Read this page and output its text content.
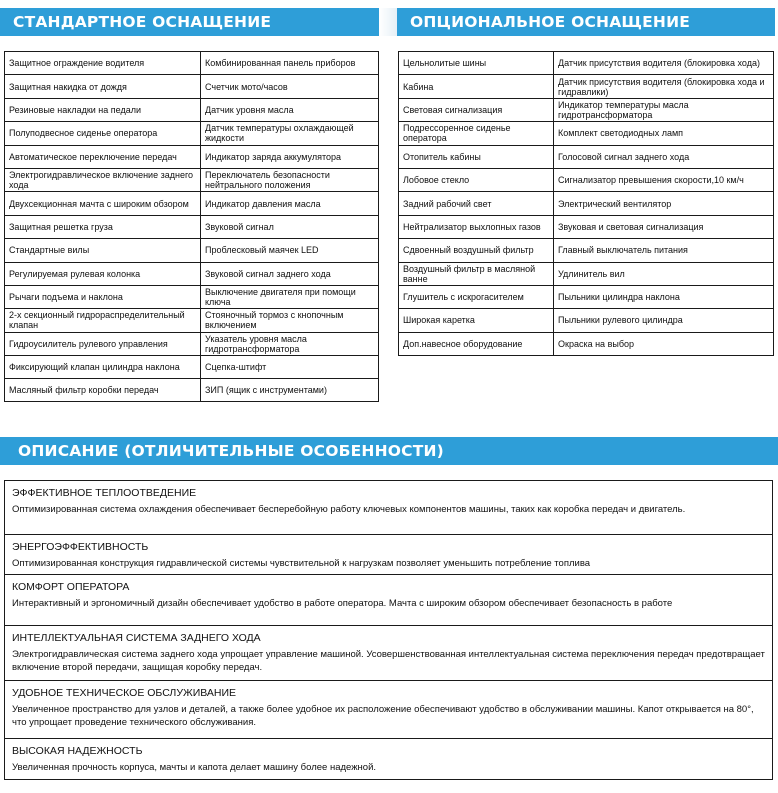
СТАНДАРТНОЕ ОСНАЩЕНИЕ	ОПЦИОНАЛЬНОЕ ОСНАЩЕНИЕ
Защитное ограждение водителя	Комбинированная панель приборов
Защитная накидка от дождя	Счетчик мото/часов
Резиновые накладки на педали	Датчик уровня масла
Полуподвесное сиденье оператора	Датчик температуры охлаждающей жидкости
Автоматическое переключение передач	Индикатор заряда аккумулятора
Электрогидравлическое включение заднего хода	Переключатель безопасности нейтрального положения
Двухсекционная мачта с широким обзором	Индикатор давления масла
Защитная решетка груза	Звуковой сигнал
Стандартные вилы	Проблесковый маячек LED
Регулируемая рулевая колонка	Звуковой сигнал заднего хода
Рычаги подъема и наклона	Выключение двигателя при помощи ключа
2-х секционный гидрораспределительный клапан	Стояночный тормоз с кнопочным включением
Гидроусилитель рулевого управления	Указатель уровня масла гидротрансформатора
Фиксирующий клапан цилиндра наклона	Сцепка-штифт
Масляный фильтр коробки передач	ЗИП (ящик с инструментами)
Цельнолитые шины	Датчик присутствия водителя (блокировка хода)
Кабина	Датчик присутствия водителя (блокировка хода и гидравлики)
Световая сигнализация	Индикатор температуры масла гидротрансформатора
Подрессоренное сиденье оператора	Комплект светодиодных ламп
Отопитель кабины	Голосовой сигнал заднего хода
Лобовое стекло	Сигнализатор превышения скорости,10 км/ч
Задний рабочий свет	Электрический вентилятор
Нейтрализатор выхлопных газов	Звуковая и световая сигнализация
Сдвоенный воздушный фильтр	Главный выключатель питания
Воздушный фильтр в масляной ванне	Удлинитель вил
Глушитель с искрогасителем	Пыльники цилиндра наклона
Широкая каретка	Пыльники рулевого цилиндра
Доп.навесное оборудование	Окраска на выбор
ОПИСАНИЕ (ОТЛИЧИТЕЛЬНЫЕ ОСОБЕННОСТИ)
ЭФФЕКТИВНОЕ ТЕПЛООТВЕДЕНИЕ
Оптимизированная система охлаждения обеспечивает бесперебойную работу ключевых компонентов машины, таких как коробка передач и двигатель.
ЭНЕРГОЭФФЕКТИВНОСТЬ
Оптимизированная конструкция гидравлической системы чувствительной к нагрузкам позволяет уменьшить потребление топлива
КОМФОРТ ОПЕРАТОРА
Интерактивный и эргономичный дизайн обеспечивает удобство в работе оператора. Мачта с широким обзором обеспечивает безопасность в работе
ИНТЕЛЛЕКТУАЛЬНАЯ СИСТЕМА ЗАДНЕГО ХОДА
Электрогидравлическая система заднего хода упрощает управление машиной. Усовершенствованная интеллектуальная система переключения передач предотвращает включение второй передачи, защищая коробку передач.
УДОБНОЕ ТЕХНИЧЕСКОЕ ОБСЛУЖИВАНИЕ
Увеличенное пространство для узлов и деталей, а также более удобное их расположение обеспечивают удобство в обслуживании машины. Капот открывается на 80°, что упрощает проведение технического обслуживания.
ВЫСОКАЯ НАДЕЖНОСТЬ
Увеличенная прочность корпуса, мачты и капота делает машину более надежной.
